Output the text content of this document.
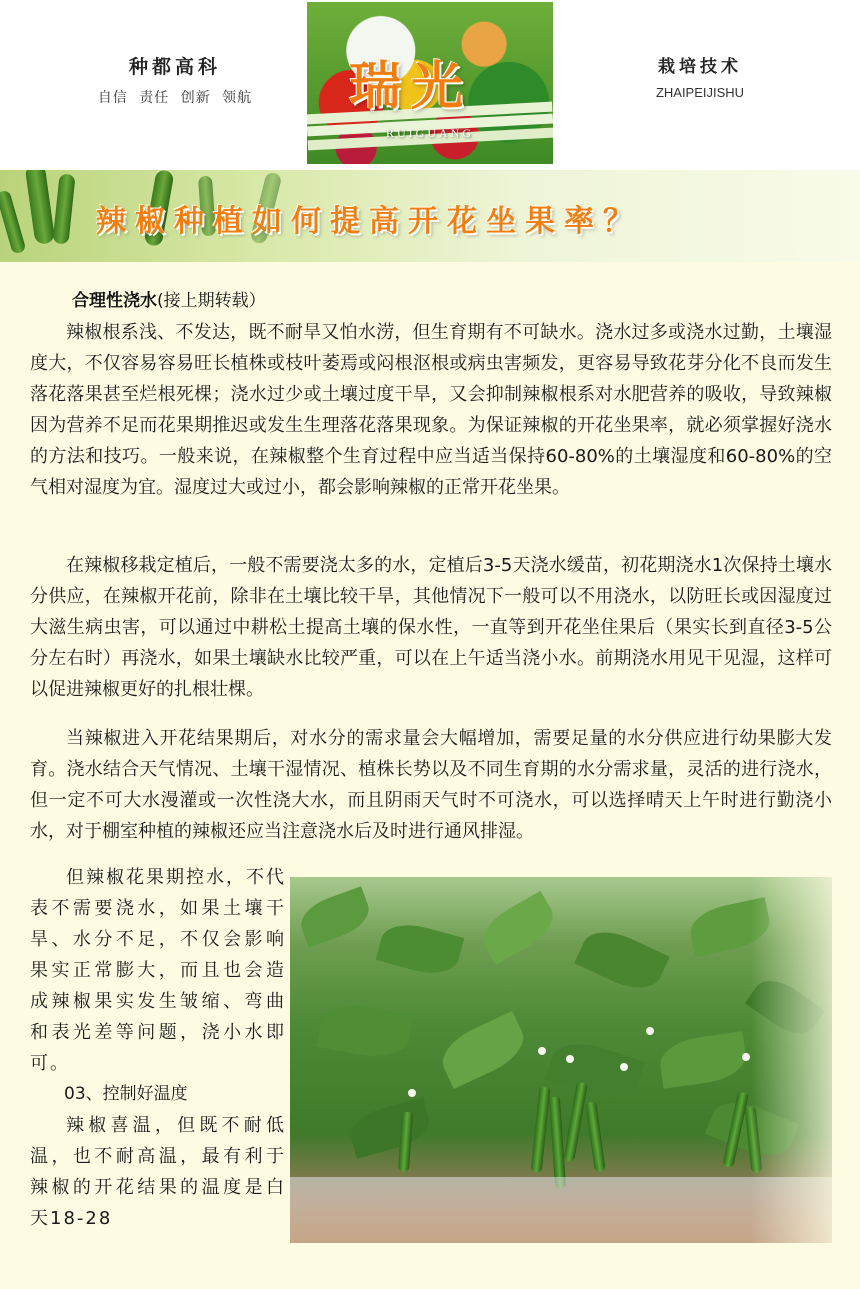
种都高科
自信 责任 创新 领航	瑞光
RUIGUANG
栽培技术
ZHAIPEIJISHU
辣椒种植如何提高开花坐果率？
合理性浇水(接上期转载）
辣椒根系浅、不发达，既不耐旱又怕水涝，但生育期有不可缺水。浇水过多或浇水过勤，土壤湿度大，不仅容易容易旺长植株或枝叶萎焉或闷根沤根或病虫害频发，更容易导致花芽分化不良而发生落花落果甚至烂根死棵；浇水过少或土壤过度干旱，又会抑制辣椒根系对水肥营养的吸收，导致辣椒因为营养不足而花果期推迟或发生生理落花落果现象。为保证辣椒的开花坐果率，就必须掌握好浇水的方法和技巧。一般来说，在辣椒整个生育过程中应当适当保持60-80%的土壤湿度和60-80%的空气相对湿度为宜。湿度过大或过小，都会影响辣椒的正常开花坐果。
在辣椒移栽定植后，一般不需要浇太多的水，定植后3-5天浇水缓苗，初花期浇水1次保持土壤水分供应，在辣椒开花前，除非在土壤比较干旱，其他情况下一般可以不用浇水，以防旺长或因湿度过大滋生病虫害，可以通过中耕松土提高土壤的保水性，一直等到开花坐住果后（果实长到直径3-5公分左右时）再浇水，如果土壤缺水比较严重，可以在上午适当浇小水。前期浇水用见干见湿，这样可以促进辣椒更好的扎根壮棵。
当辣椒进入开花结果期后，对水分的需求量会大幅增加，需要足量的水分供应进行幼果膨大发育。浇水结合天气情况、土壤干湿情况、植株长势以及不同生育期的水分需求量，灵活的进行浇水，但一定不可大水漫灌或一次性浇大水，而且阴雨天气时不可浇水，可以选择晴天上午时进行勤浇小水，对于棚室种植的辣椒还应当注意浇水后及时进行通风排湿。
但辣椒花果期控水，不代表不需要浇水，如果土壤干旱、水分不足，不仅会影响果实正常膨大，而且也会造成辣椒果实发生皱缩、弯曲和表光差等问题，浇小水即可。
03、控制好温度
辣椒喜温，但既不耐低温，也不耐高温，最有利于辣椒的开花结果的温度是白天18-28
